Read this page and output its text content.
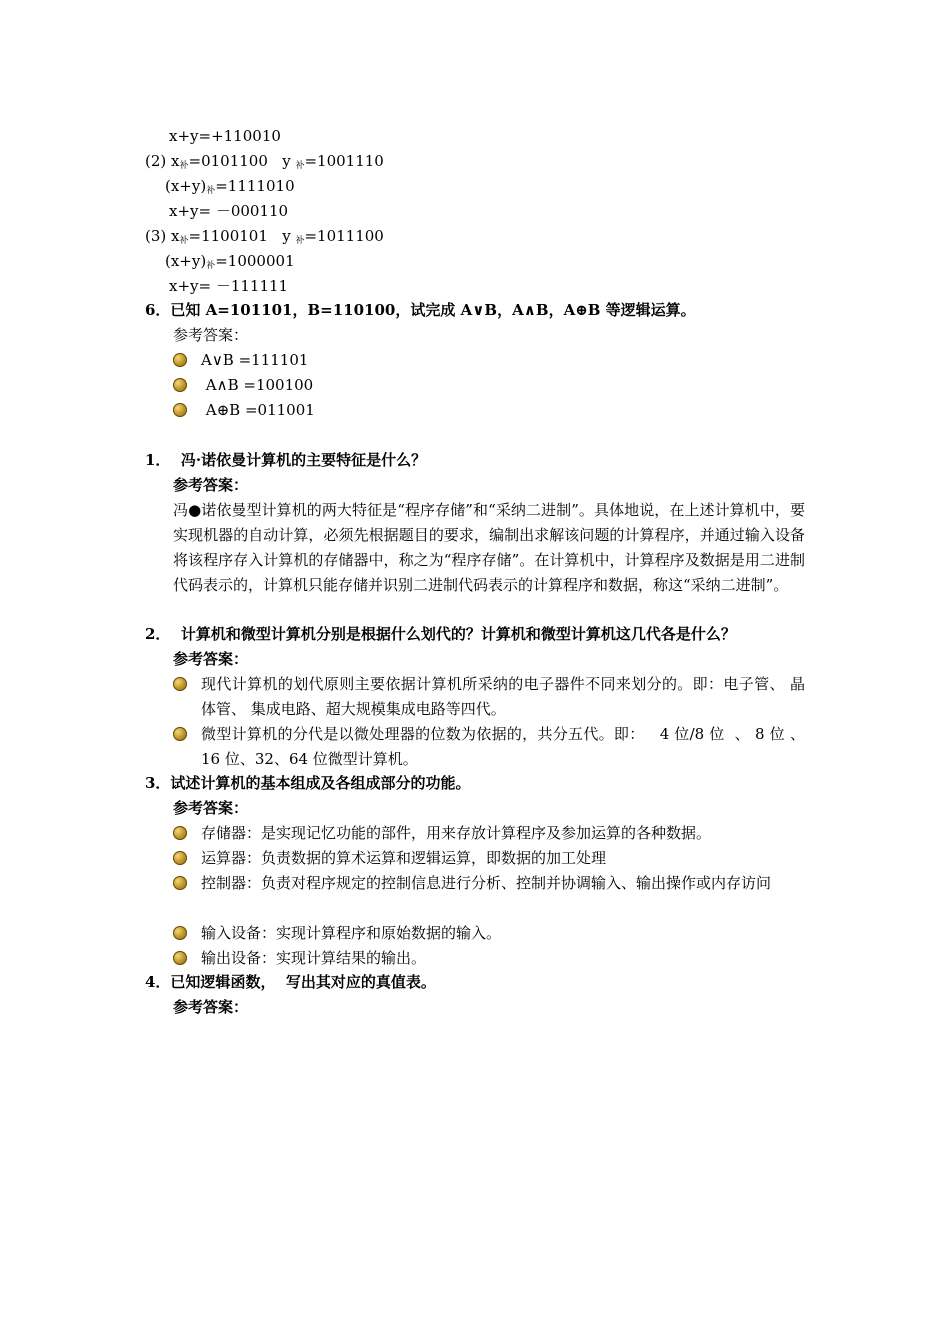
x+y=+110010
(2) $x_补=0101100$ y $_补$=1001110
$(x+y)_补=1111010$
x+y= －000110
(3) $x_补=1100101$ y $_补$=1011100
$(x+y)_补=1000001$
x+y= －111111
6．已知 A=101101，B=110100，试完成 A∨B，A∧B，A⊕B 等逻辑运算。
参考答案：
A∨B =111101
A∧B =100100
A⊕B =011001
1．  冯·诺依曼计算机的主要特征是什么？
参考答案：
冯●诺依曼型计算机的两大特征是“程序存储”和“采纳二进制”。具体地说，在上述计算机中，要实现机器的自动计算，必须先根据题目的要求，编制出求解该问题的计算程序，并通过输入设备将该程序存入计算机的存储器中，称之为“程序存储”。在计算机中，计算程序及数据是用二进制代码表示的，计算机只能存储并识别二进制代码表示的计算程序和数据，称这“采纳二进制”。
2．  计算机和微型计算机分别是根据什么划代的？计算机和微型计算机这几代各是什么？
参考答案：
现代计算机的划代原则主要依据计算机所采纳的电子器件不同来划分的。即：电子管、 晶体管、 集成电路、超大规模集成电路等四代。
微型计算机的分代是以微处理器的位数为依据的，共分五代。即：   4 位/8 位  、 8 位 、16 位、32、64 位微型计算机。
3．试述计算机的基本组成及各组成部分的功能。
参考答案：
存储器：是实现记忆功能的部件，用来存放计算程序及参加运算的各种数据。
运算器：负责数据的算术运算和逻辑运算，即数据的加工处理
控制器：负责对程序规定的控制信息进行分析、控制并协调输入、输出操作或内存访问
输入设备：实现计算程序和原始数据的输入。
输出设备：实现计算结果的输出。
4．已知逻辑函数，  写出其对应的真值表。
参考答案：
